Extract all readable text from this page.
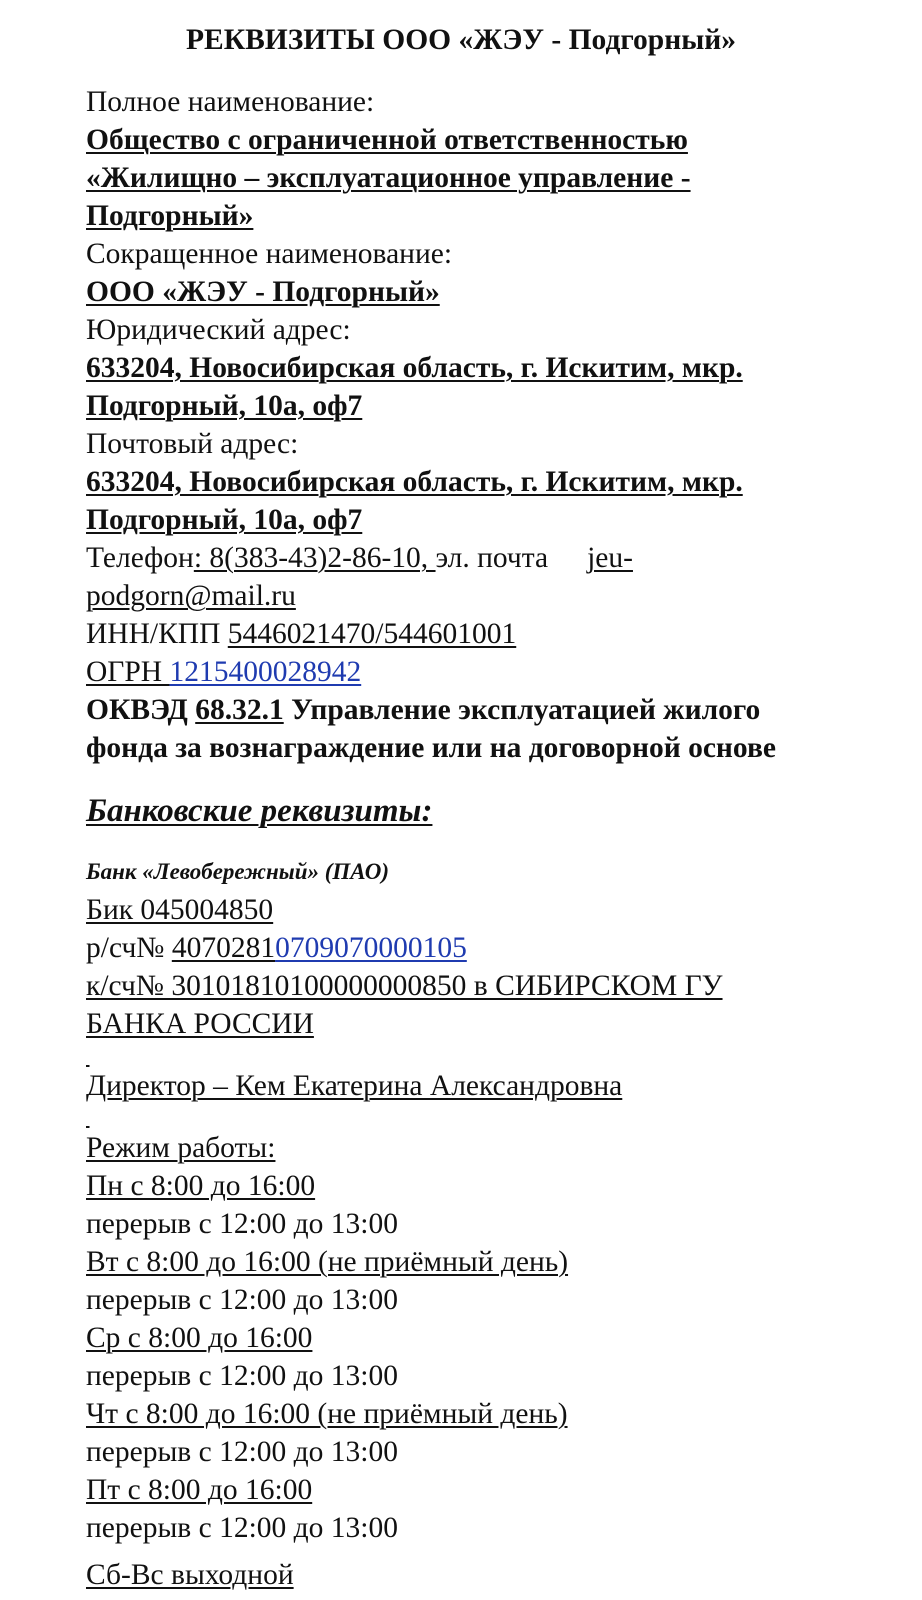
РЕКВИЗИТЫ ООО «ЖЭУ - Подгорный»
Полное наименование:
Общество с ограниченной ответственностью
«Жилищно – эксплуатационное управление -
Подгорный»
Сокращенное наименование:
ООО «ЖЭУ - Подгорный»
Юридический адрес:
633204, Новосибирская область, г. Искитим, мкр.
Подгорный, 10а, оф7
Почтовый адрес:
633204, Новосибирская область, г. Искитим, мкр.
Подгорный, 10а, оф7
Телефон: 8(383-43)2-86-10, эл. почта jeu-
podgorn@mail.ru
ИНН/КПП 5446021470/544601001
ОГРН 1215400028942
ОКВЭД 68.32.1 Управление эксплуатацией жилого
фонда за вознаграждение или на договорной основе
Банковские реквизиты:
Банк «Левобережный» (ПАО)
Бик 045004850
р/сч№ 40702810709070000105
к/сч№ 30101810100000000850 в СИБИРСКОМ ГУ
БАНКА РОССИИ

Директор – Кем Екатерина Александровна

Режим работы:
Пн с 8:00 до 16:00
перерыв с 12:00 до 13:00
Вт с 8:00 до 16:00 (не приёмный день)
перерыв с 12:00 до 13:00
Ср с 8:00 до 16:00
перерыв с 12:00 до 13:00
Чт с 8:00 до 16:00 (не приёмный день)
перерыв с 12:00 до 13:00
Пт с 8:00 до 16:00
перерыв с 12:00 до 13:00
Сб-Вс выходной
